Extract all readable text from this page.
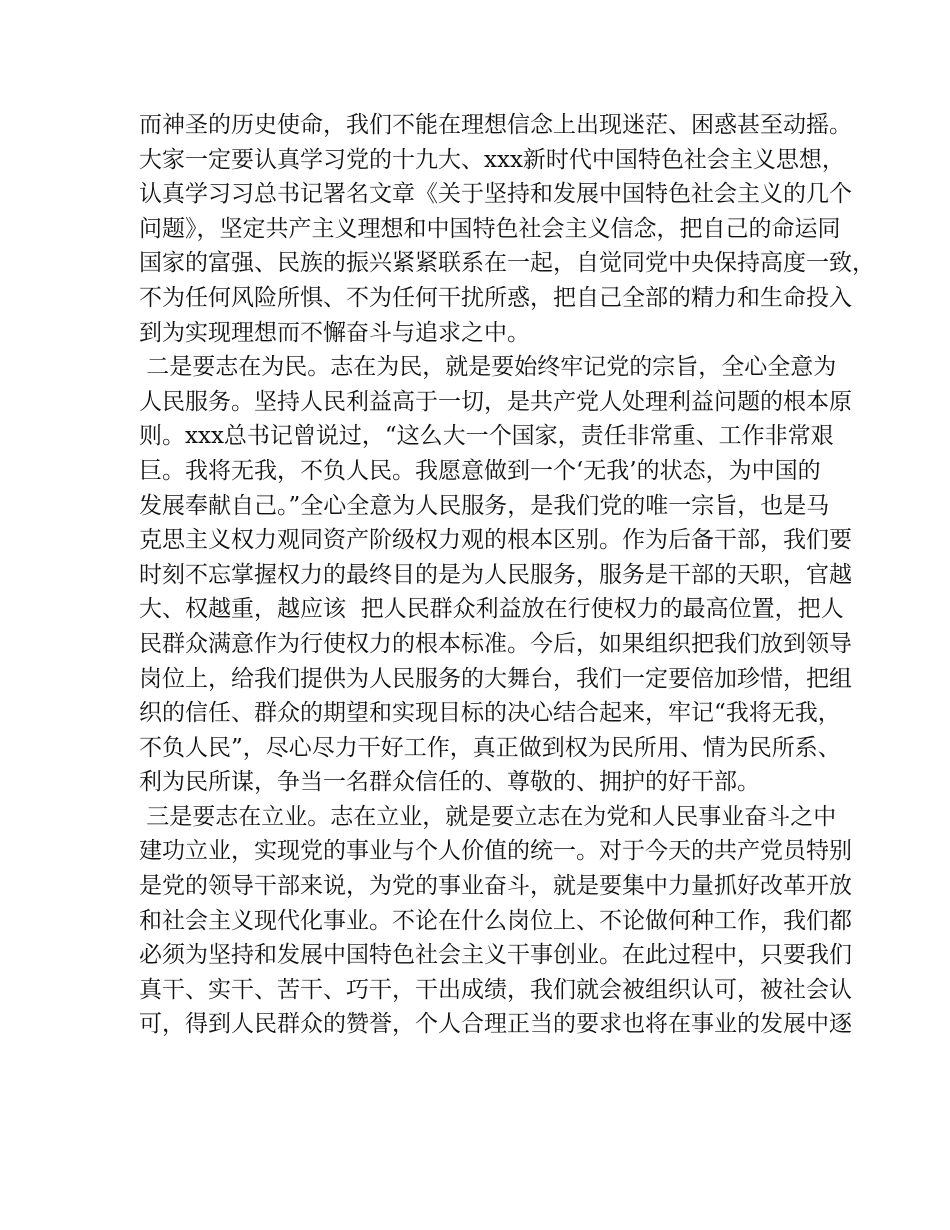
而神圣的历史使命，我们不能在理想信念上出现迷茫、困惑甚至动摇。
大家一定要认真学习党的十九大、xxx新时代中国特色社会主义思想，
认真学习习总书记署名文章《关于坚持和发展中国特色社会主义的几个
问题》，坚定共产主义理想和中国特色社会主义信念，把自己的命运同
国家的富强、民族的振兴紧紧联系在一起，自觉同党中央保持高度一致，
不为任何风险所惧、不为任何干扰所惑，把自己全部的精力和生命投入
到为实现理想而不懈奋斗与追求之中。
二是要志在为民。志在为民，就是要始终牢记党的宗旨，全心全意为
人民服务。坚持人民利益高于一切，是共产党人处理利益问题的根本原
则。xxx总书记曾说过，“这么大一个国家，责任非常重、工作非常艰
巨。我将无我，不负人民。我愿意做到一个‘无我’的状态，为中国的
发展奉献自己。”全心全意为人民服务，是我们党的唯一宗旨，也是马
克思主义权力观同资产阶级权力观的根本区别。作为后备干部，我们要
时刻不忘掌握权力的最终目的是为人民服务，服务是干部的天职，官越
大、权越重，越应该  把人民群众利益放在行使权力的最高位置，把人
民群众满意作为行使权力的根本标准。今后，如果组织把我们放到领导
岗位上，给我们提供为人民服务的大舞台，我们一定要倍加珍惜，把组
织的信任、群众的期望和实现目标的决心结合起来，牢记“我将无我，
不负人民”，尽心尽力干好工作，真正做到权为民所用、情为民所系、
利为民所谋，争当一名群众信任的、尊敬的、拥护的好干部。
三是要志在立业。志在立业，就是要立志在为党和人民事业奋斗之中
建功立业，实现党的事业与个人价值的统一。对于今天的共产党员特别
是党的领导干部来说，为党的事业奋斗，就是要集中力量抓好改革开放
和社会主义现代化事业。不论在什么岗位上、不论做何种工作，我们都
必须为坚持和发展中国特色社会主义干事创业。在此过程中，只要我们
真干、实干、苦干、巧干，干出成绩，我们就会被组织认可，被社会认
可，得到人民群众的赞誉，个人合理正当的要求也将在事业的发展中逐
